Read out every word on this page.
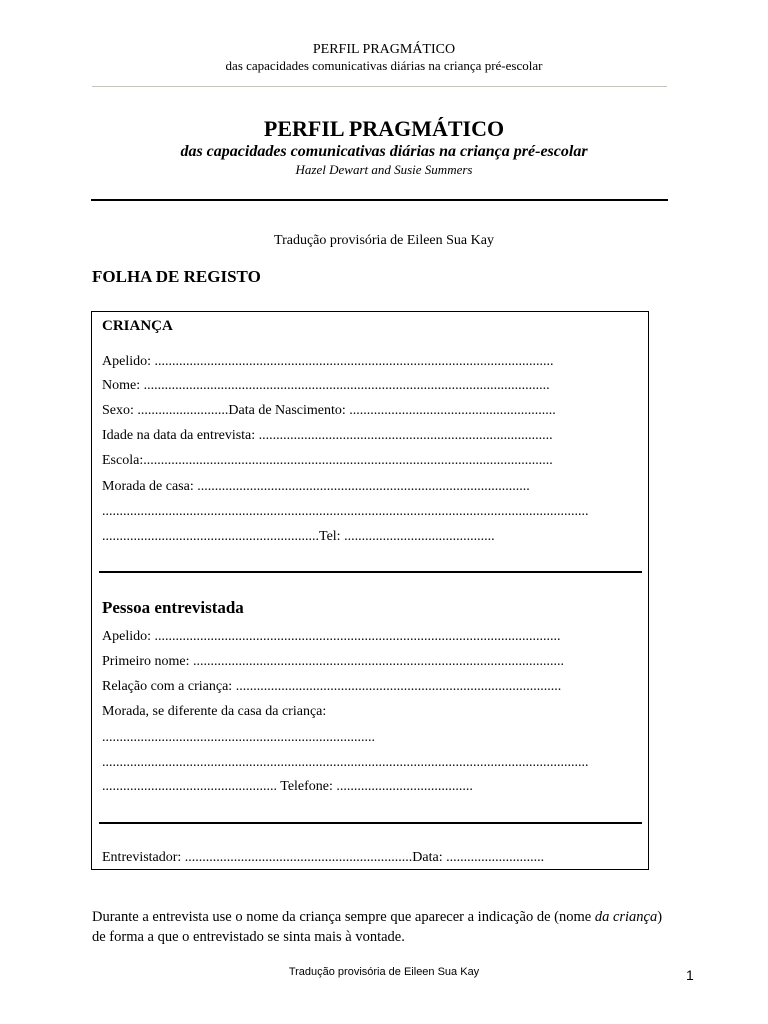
PERFIL PRAGMÁTICO
das capacidades comunicativas diárias na criança pré-escolar
PERFIL PRAGMÁTICO
das capacidades comunicativas diárias na criança pré-escolar
Hazel Dewart and Susie Summers
Tradução provisória de Eileen Sua Kay
FOLHA DE REGISTO
CRIANÇA
Apelido: ..................................................................................................................
Nome: ....................................................................................................................
Sexo: ..........................Data de Nascimento: ...........................................................
Idade na data da entrevista: ....................................................................................
Escola:.....................................................................................................................
Morada de casa: ...............................................................................................
...........................................................................................................................................
..............................................................Tel: ...........................................
Pessoa entrevistada
Apelido: ....................................................................................................................
Primeiro nome: ..........................................................................................................
Relação com a criança: .............................................................................................
Morada, se diferente da casa da criança:
..............................................................................
...........................................................................................................................................
.................................................. Telefone: .......................................
Entrevistador: .................................................................Data: ............................
Durante a entrevista use o nome da criança sempre que aparecer a indicação de (nome da criança) de forma a que o entrevistado se sinta mais à vontade.
Tradução provisória de Eileen Sua Kay	1
